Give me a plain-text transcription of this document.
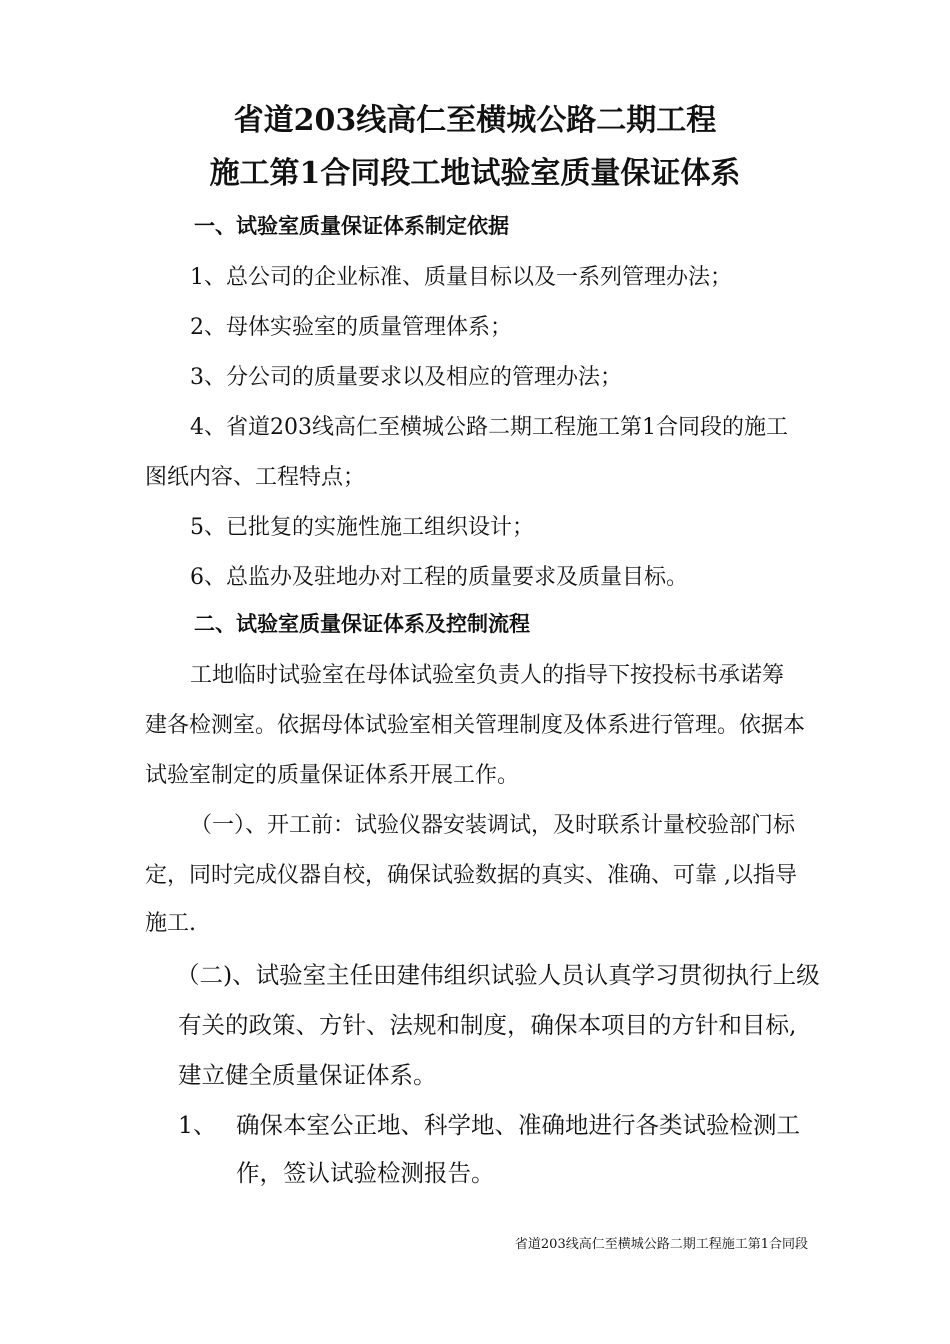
省道203线高仁至横城公路二期工程
施工第1合同段工地试验室质量保证体系
一、试验室质量保证体系制定依据
1、总公司的企业标准、质量目标以及一系列管理办法；
2、母体实验室的质量管理体系；
3、分公司的质量要求以及相应的管理办法；
4、省道203线高仁至横城公路二期工程施工第1合同段的施工
图纸内容、工程特点；
5、已批复的实施性施工组织设计；
6、总监办及驻地办对工程的质量要求及质量目标。
二、试验室质量保证体系及控制流程
工地临时试验室在母体试验室负责人的指导下按投标书承诺筹
建各检测室。依据母体试验室相关管理制度及体系进行管理。依据本
试验室制定的质量保证体系开展工作。
（一）、开工前：试验仪器安装调试，及时联系计量校验部门标
定，同时完成仪器自校，确保试验数据的真实、准确、可靠 ,以指导
施工.
（二)、试验室主任田建伟组织试验人员认真学习贯彻执行上级
有关的政策、方针、法规和制度，确保本项目的方针和目标,
建立健全质量保证体系。
1、 确保本室公正地、科学地、准确地进行各类试验检测工
作，签认试验检测报告。
省道203线高仁至横城公路二期工程施工第1合同段
